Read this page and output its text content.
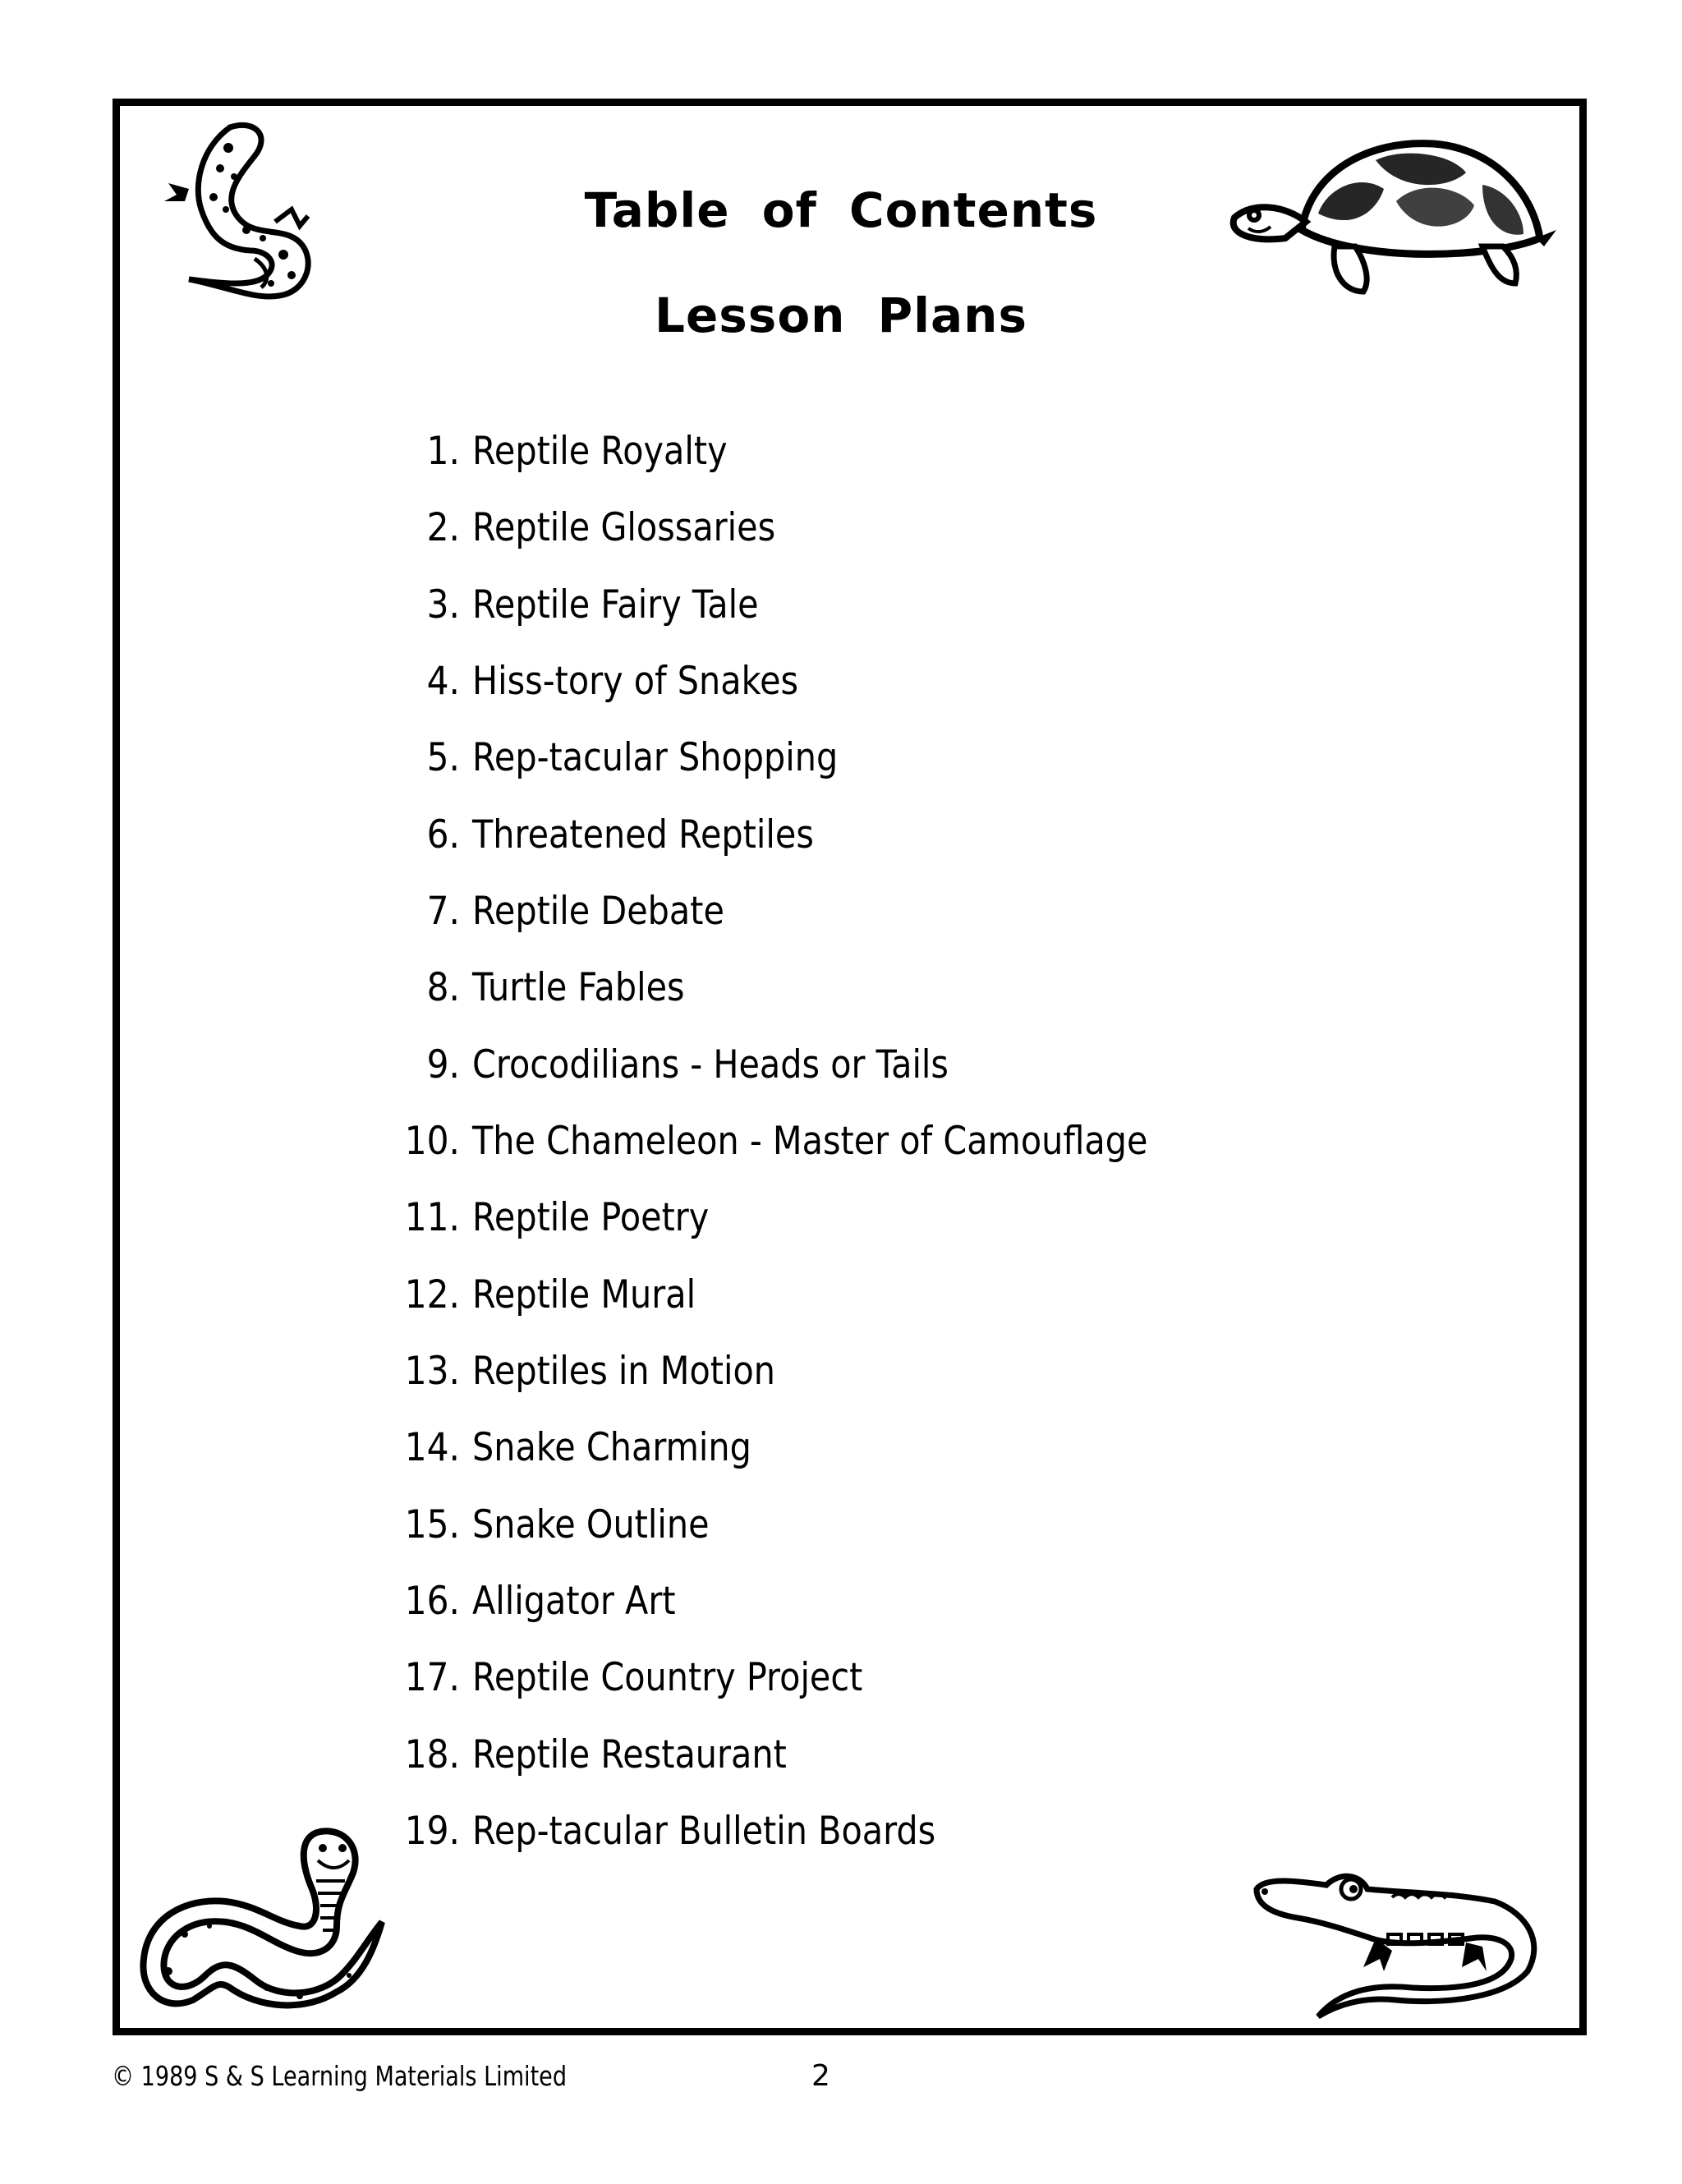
Table of Contents
Lesson Plans
1. Reptile Royalty
2. Reptile Glossaries
3. Reptile Fairy Tale
4. Hiss-tory of Snakes
5. Rep-tacular Shopping
6. Threatened Reptiles
7. Reptile Debate
8. Turtle Fables
9. Crocodilians - Heads or Tails
10. The Chameleon - Master of Camouflage
11. Reptile Poetry
12. Reptile Mural
13. Reptiles in Motion
14. Snake Charming
15. Snake Outline
16. Alligator Art
17. Reptile Country Project
18. Reptile Restaurant
19. Rep-tacular Bulletin Boards
© 1989 S & S Learning Materials Limited	2
